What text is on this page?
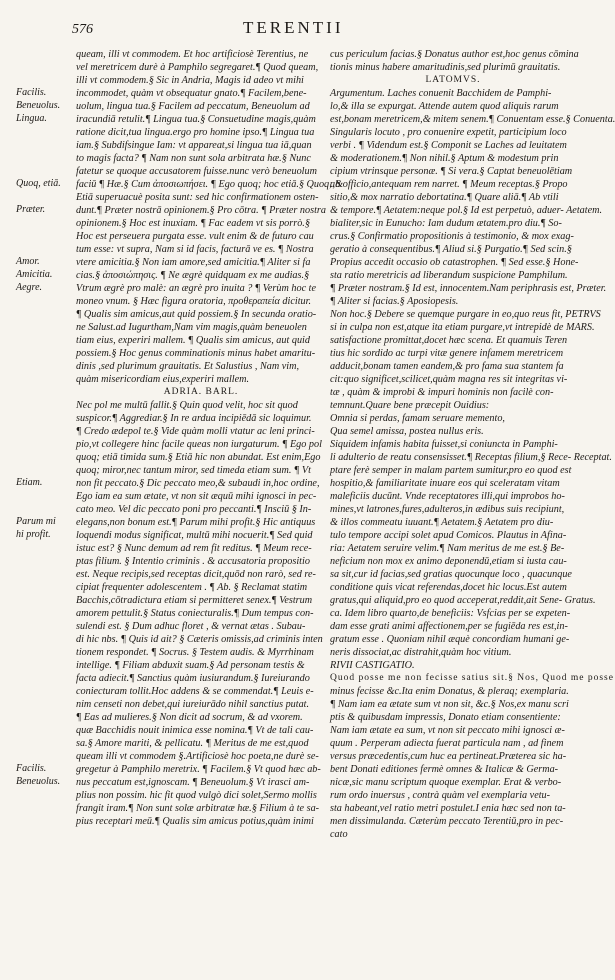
576	TERENTII
queam, illi vt commodem. Et hoc artificiosè Terentius, ne
vel meretricem durè à Pamphilo segregaret.¶ Quod queam,
illi vt commodem.§ Sic in Andria, Magis id adeo vt mihi
incommodet, quàm vt obsequatur gnato.¶ Facilem,bene-
uolum, lingua tua.§ Facilem ad peccatum, Beneuolum ad
iracundiā retulit.¶ Lingua tua.§ Consuetudine magis,quàm
ratione dicit,tua lingua.ergo pro homine ipso.¶ Lingua tua
iam.§ Subdifsingue Iam: vt appareat,si lingua tua iā,quan
to magis facta? ¶ Nam non sunt sola arbitrata hæ.§ Nunc
fatetur se quoque accusatorem fuisse.nunc verò beneuolum
faciū ¶ Hæ.§ Cum ἀποσιωπήσει. ¶ Ego quoq; hoc etiā.§ Quoq;,&
Etiā superuacuè posita sunt: sed hic confirmationem osten-
dunt.¶ Præter nostrā opinionem.§ Pro cōtra. ¶ Præter nostra
opinionem.§ Hoc est inuxiam. ¶ Fac eadem vt sis porrò.§
Hoc est perseuera purgata esse. vult enim & de futuro cau
tum esse: vt supra, Nam si id facis, facturā ve es. ¶ Nostra
vtere amicitia.§ Non iam amore,sed amicitia.¶ Aliter si fa
cias.§ ἀποσιώπησις. ¶ Ne ægrè quidquam ex me audias.§
Vtrum ægrè pro malè: an ægrè pro inuita ? ¶ Verùm hoc te
moneo vnum. § Hæc figura oratoria, προθεραπεία dicitur.
¶ Qualis sim amicus,aut quid possiem.§ In secunda oratio-
ne Salust.ad Iugurtham,Nam vim magis,quàm beneuolen
tiam eius, experiri mallem. ¶ Qualis sim amicus, aut quid
possiem.§ Hoc genus comminationis minus habet amaritu-
dinis ,sed plurimum grauitatis. Et Salustius , Nam vim,
quàm misericordiam eius,experiri mallem.
ADRIA. BARL.
Nec pol me multū fallit.§ Quin quod velit, hoc sit quod
suspicor.¶ Aggrediar.§ In re ardua incipiēdā sic loquimur.
¶ Credo ædepol te.§ Vide quàm molli vtatur ac leni princi-
pio,vt collegere hinc facile queas non iurgaturum. ¶ Ego pol
quoq; etiā timida sum.§ Etiā hic non abundat. Est enim,Ego
quoq; miror,nec tantum miror, sed timeda etiam sum. ¶ Vt
non fit peccato.§ Dic peccato meo,& subaudi in,hoc ordine,
Ego iam ea sum ætate, vt non sit æquū mihi ignosci in pec-
cato meo. Vel dic peccato poni pro peccanti.¶ Insciū § In-
elegans,non bonum est.¶ Parum mihi profit.§ Hic antiquus
loquendi modus significat, multū mihi nocuerit.¶ Sed quid
istuc est? § Nunc demum ad rem fit reditus. ¶ Meum rece-
ptas filium. § Intentio criminis . & accusatoria propositio
est. Neque recipis,sed receptas dicit,quōd non rarò, sed re-
cipiat frequenter adolescentem . ¶ Ab. § Reclamat statim
Bacchis,cōtradictura etiam si permitteret senex.¶ Vestrum
amorem pettulit.§ Status coniecturalis.¶ Dum tempus con-
sulendi est. § Dum adhuc floret , & vernat ætas . Subau-
di hic nbs. ¶ Quis id ait? § Cæteris omissis,ad criminis inten
tionem respondet. ¶ Socrus. § Testem audis. & Myrrhinam
intellige. ¶ Filiam abduxit suam.§ Ad personam testis &
facta adiecit.¶ Sanctius quàm iusiurandum.§ Iureiurando
coniecturam tollit.Hoc addens & se commendat.¶ Leuis e-
nim censeti non debet,qui iureiurādo nihil sanctius putat.
¶ Eas ad mulieres.§ Non dicit ad socrum, & ad vxorem.
quæ Bacchidis nouit inimica esse nomina.¶ Vt de tali cau-
sa.§ Amore mariti, & pellicatu. ¶ Meritus de me est,quod
queam illi vt commodem §.Artificiosè hoc poeta,ne durè se-
gregetur à Pamphilo meretrix. ¶ Facilem.§ Vt quod hæc ab-
nus peccatum est,ignoscam. ¶ Beneuolum.§ Vt irasci am-
plius non possim. hic fit quod vulgò dici solet,Sermo mollis
frangit iram.¶ Non sunt solæ arbitratæ hæ.§ Filium à te sa-
pius receptari meū.¶ Qualis sim amicus potius,quàm inimi
cus periculum facias.§ Donatus author est,hoc genus cōmina
tionis minus habere amaritudinis,sed plurimū grauitatis.
LATOMVS.
Argumentum. Laches conuenit Bacchidem de Pamphi-
lo,& illa se expurgat. Attende autem quod aliquis rarum
est,bonam meretricem,& mitem senem.¶ Conuentam esse.§ Conuenta.
Singularis locuto , pro conuenire expetit, participium loco
verbi . ¶ Videndum est.§ Componit se Laches ad leuitatem
& moderationem.¶ Non nihil.§ Aptum & modestum prin
cipium vtrinsque personæ. ¶ Si vera.§ Captat beneuolētiam
ab officio,antequam rem narret. ¶ Meum receptas.§ Propo
sitio,& mox narratio debortatina.¶ Quare aliā.¶ Ab vtili
& tempore.¶ Aetatem:neque pol.§ Id est perpetuò, aduer- Aetatem.
bialiter,sic in Eunucho: Iam dudum ætatem.pro diu.¶ So-
crus.§ Confirmatio propositionis à testimonio, & mox exag-
geratio à consequentibus.¶ Aliud si.§ Purgatio.¶ Sed scin.§
Propius accedit occasio ob catastrophen. ¶ Sed esse.§ Hone-
sta ratio meretricis ad liberandum suspicione Pamphilum.
¶ Præter nostram.§ Id est, innocentem.Nam periphrasis est, Præter.
¶ Aliter si facias.§ Aposiopesis.
Non hoc.§ Debere se quemque purgare in eo,quo reus fit, PETRVS
si in culpa non est,atque ita etiam purgare,vt intrepidè de MARS.
satisfactione promittat,docet hæc scena. Et quamuis Teren
tius hic sordido ac turpi vitæ genere infamem meretricem
adducit,bonam tamen eandem,& pro fama sua stantem fa
cit:quo significet,scilicet,quàm magna res sit integritas vi-
tæ , quàm & improbi & impuri hominis non facilè con-
temnunt.Quare bene præcepit Ouidius:
Omnia si perdas, famam seruare memento,
Qua semel amissa, postea nullus eris.
Siquidem infamis habita fuisset,si coniuncta in Pamphi-
li adulterio de reatu consensisset.¶ Receptas filium,§ Rece- Receptat.
ptare ferè semper in malam partem sumitur,pro eo quod est
hospitio,& familiaritate inuare eos qui sceleratam vitam
maleficiis ducūnt. Vnde receptatores illi,qui improbos ho-
mines,vt latrones,fures,adulteros,in ædibus suis recipiunt,
& illos commeatu iuuant.¶ Aetatem.§ Aetatem pro diu-
tulo tempore accipi solet apud Comicos. Plautus in Afina-
ria: Aetatem seruire velim.¶ Nam meritus de me est.§ Be-
neficium non mox ex animo deponendū,etiam si iusta cau-
sa sit,cur id facias,sed gratias quocunque loco , quacunque
conditione quis vicat referendas,docet hic locus.Est autem
gratus,qui aliquid,pro eo quod acceperat,reddit,ait Sene- Gratus.
ca. Idem libro quarto,de beneficiis: Vsfcias per se expeten-
dam esse grati animi affectionem,per se fugiēda res est,in-
gratum esse . Quoniam nihil æquè concordiam humani ge-
neris dissociat,ac distrahit,quàm hoc vitium.
RIVII CASTIGATIO.
Quod posse me non fecisse satius sit.§ Nos, Quod me posse
minus fecisse &c.Ita enim Donatus, & pleraq; exemplaria.
¶ Nam iam ea ætate sum vt non sit, &c.§ Nos,ex manu scri
ptis & quibusdam impressis, Donato etiam consentiente:
Nam iam ætate ea sum, vt non sit peccato mihi ignosci æ-
quum . Perperam adiecta fuerat particula nam , ad finem
versus præcedentis,cum huc ea pertineat.Præterea sic ha-
bent Donati editiones fermè omnes & Italicæ & Germa-
nicæ,sic manu scriptum quoque exemplar. Erat & verbo-
rum ordo inuersus , contrà quàm vel exemplaria vetu-
sta habeant,vel ratio metri postulet.I enia hæc sed non ta-
men dissimulanda. Cæterùm peccato Terentiū,pro in pec-
cato
Facilis.
Beneuolus.
Lingua.
Quoq, etiā.
Præter.
Amor.
Amicitia.
Aegre.
Etiam.
Parum mi
hi profit.
Facilis.
Beneuolus.
